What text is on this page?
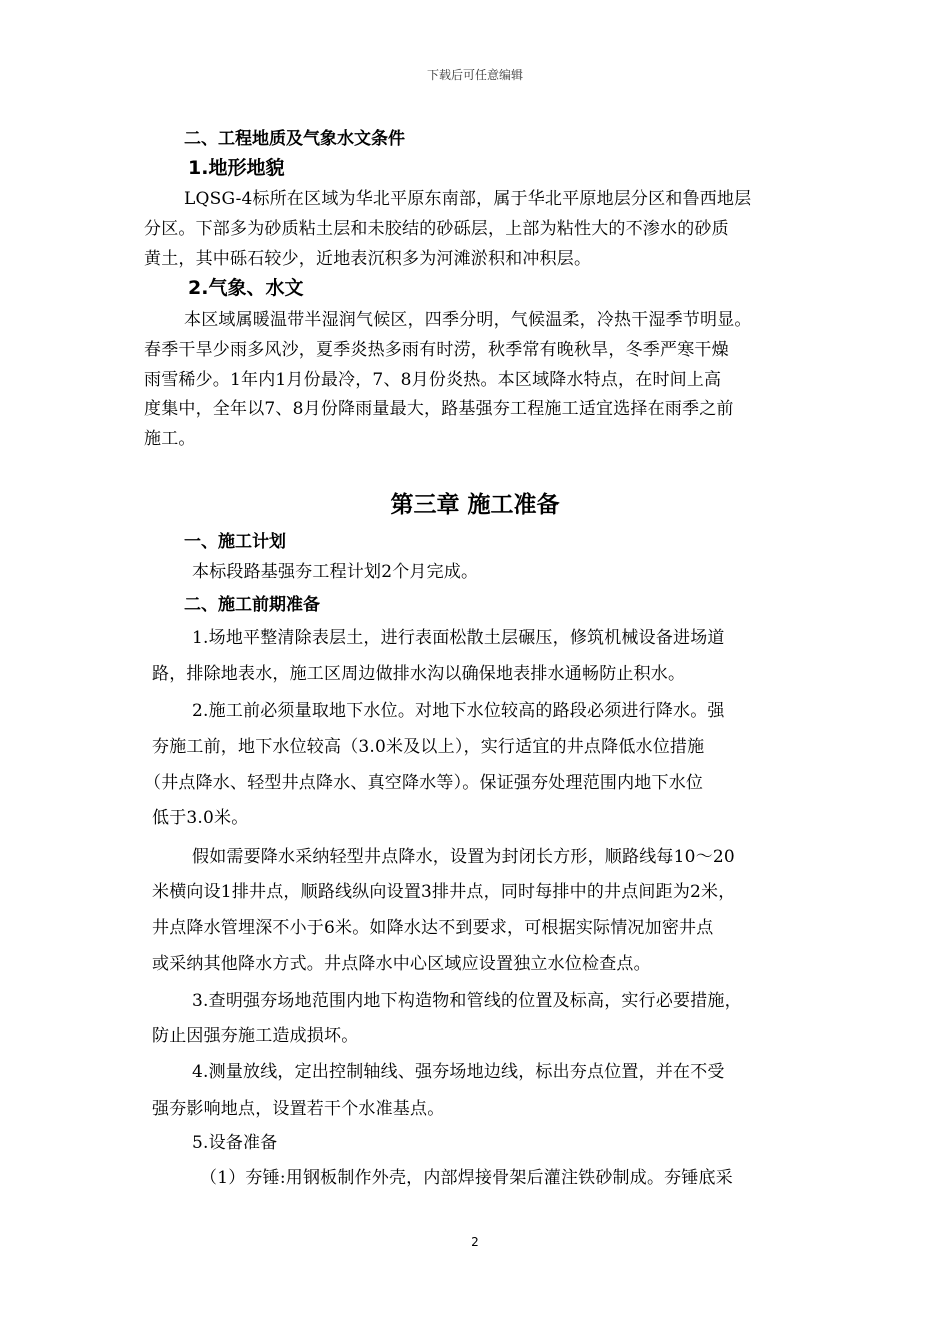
下载后可任意编辑
二、工程地质及气象水文条件
1.地形地貌
LQSG-4标所在区域为华北平原东南部，属于华北平原地层分区和鲁西地层
分区。下部多为砂质粘土层和未胶结的砂砾层，上部为粘性大的不渗水的砂质
黄土，其中砾石较少，近地表沉积多为河滩淤积和冲积层。
2.气象、水文
本区域属暖温带半湿润气候区，四季分明，气候温柔，冷热干湿季节明显。
春季干旱少雨多风沙，夏季炎热多雨有时涝，秋季常有晚秋旱，冬季严寒干燥
雨雪稀少。1年内1月份最冷，7、8月份炎热。本区域降水特点，在时间上高
度集中，全年以7、8月份降雨量最大，路基强夯工程施工适宜选择在雨季之前
施工。
第三章 施工准备
一、施工计划
本标段路基强夯工程计划2个月完成。
二、施工前期准备
1.场地平整清除表层土，进行表面松散土层碾压，修筑机械设备进场道
路，排除地表水，施工区周边做排水沟以确保地表排水通畅防止积水。
2.施工前必须量取地下水位。对地下水位较高的路段必须进行降水。强
夯施工前，地下水位较高（3.0米及以上），实行适宜的井点降低水位措施
（井点降水、轻型井点降水、真空降水等）。保证强夯处理范围内地下水位
低于3.0米。
假如需要降水采纳轻型井点降水，设置为封闭长方形，顺路线每10～20
米横向设1排井点，顺路线纵向设置3排井点，同时每排中的井点间距为2米，
井点降水管埋深不小于6米。如降水达不到要求，可根据实际情况加密井点
或采纳其他降水方式。井点降水中心区域应设置独立水位检查点。
3.查明强夯场地范围内地下构造物和管线的位置及标高，实行必要措施，
防止因强夯施工造成损坏。
4.测量放线，定出控制轴线、强夯场地边线，标出夯点位置，并在不受
强夯影响地点，设置若干个水准基点。
5.设备准备
（1）夯锤:用钢板制作外壳，内部焊接骨架后灌注铁砂制成。夯锤底采
2
